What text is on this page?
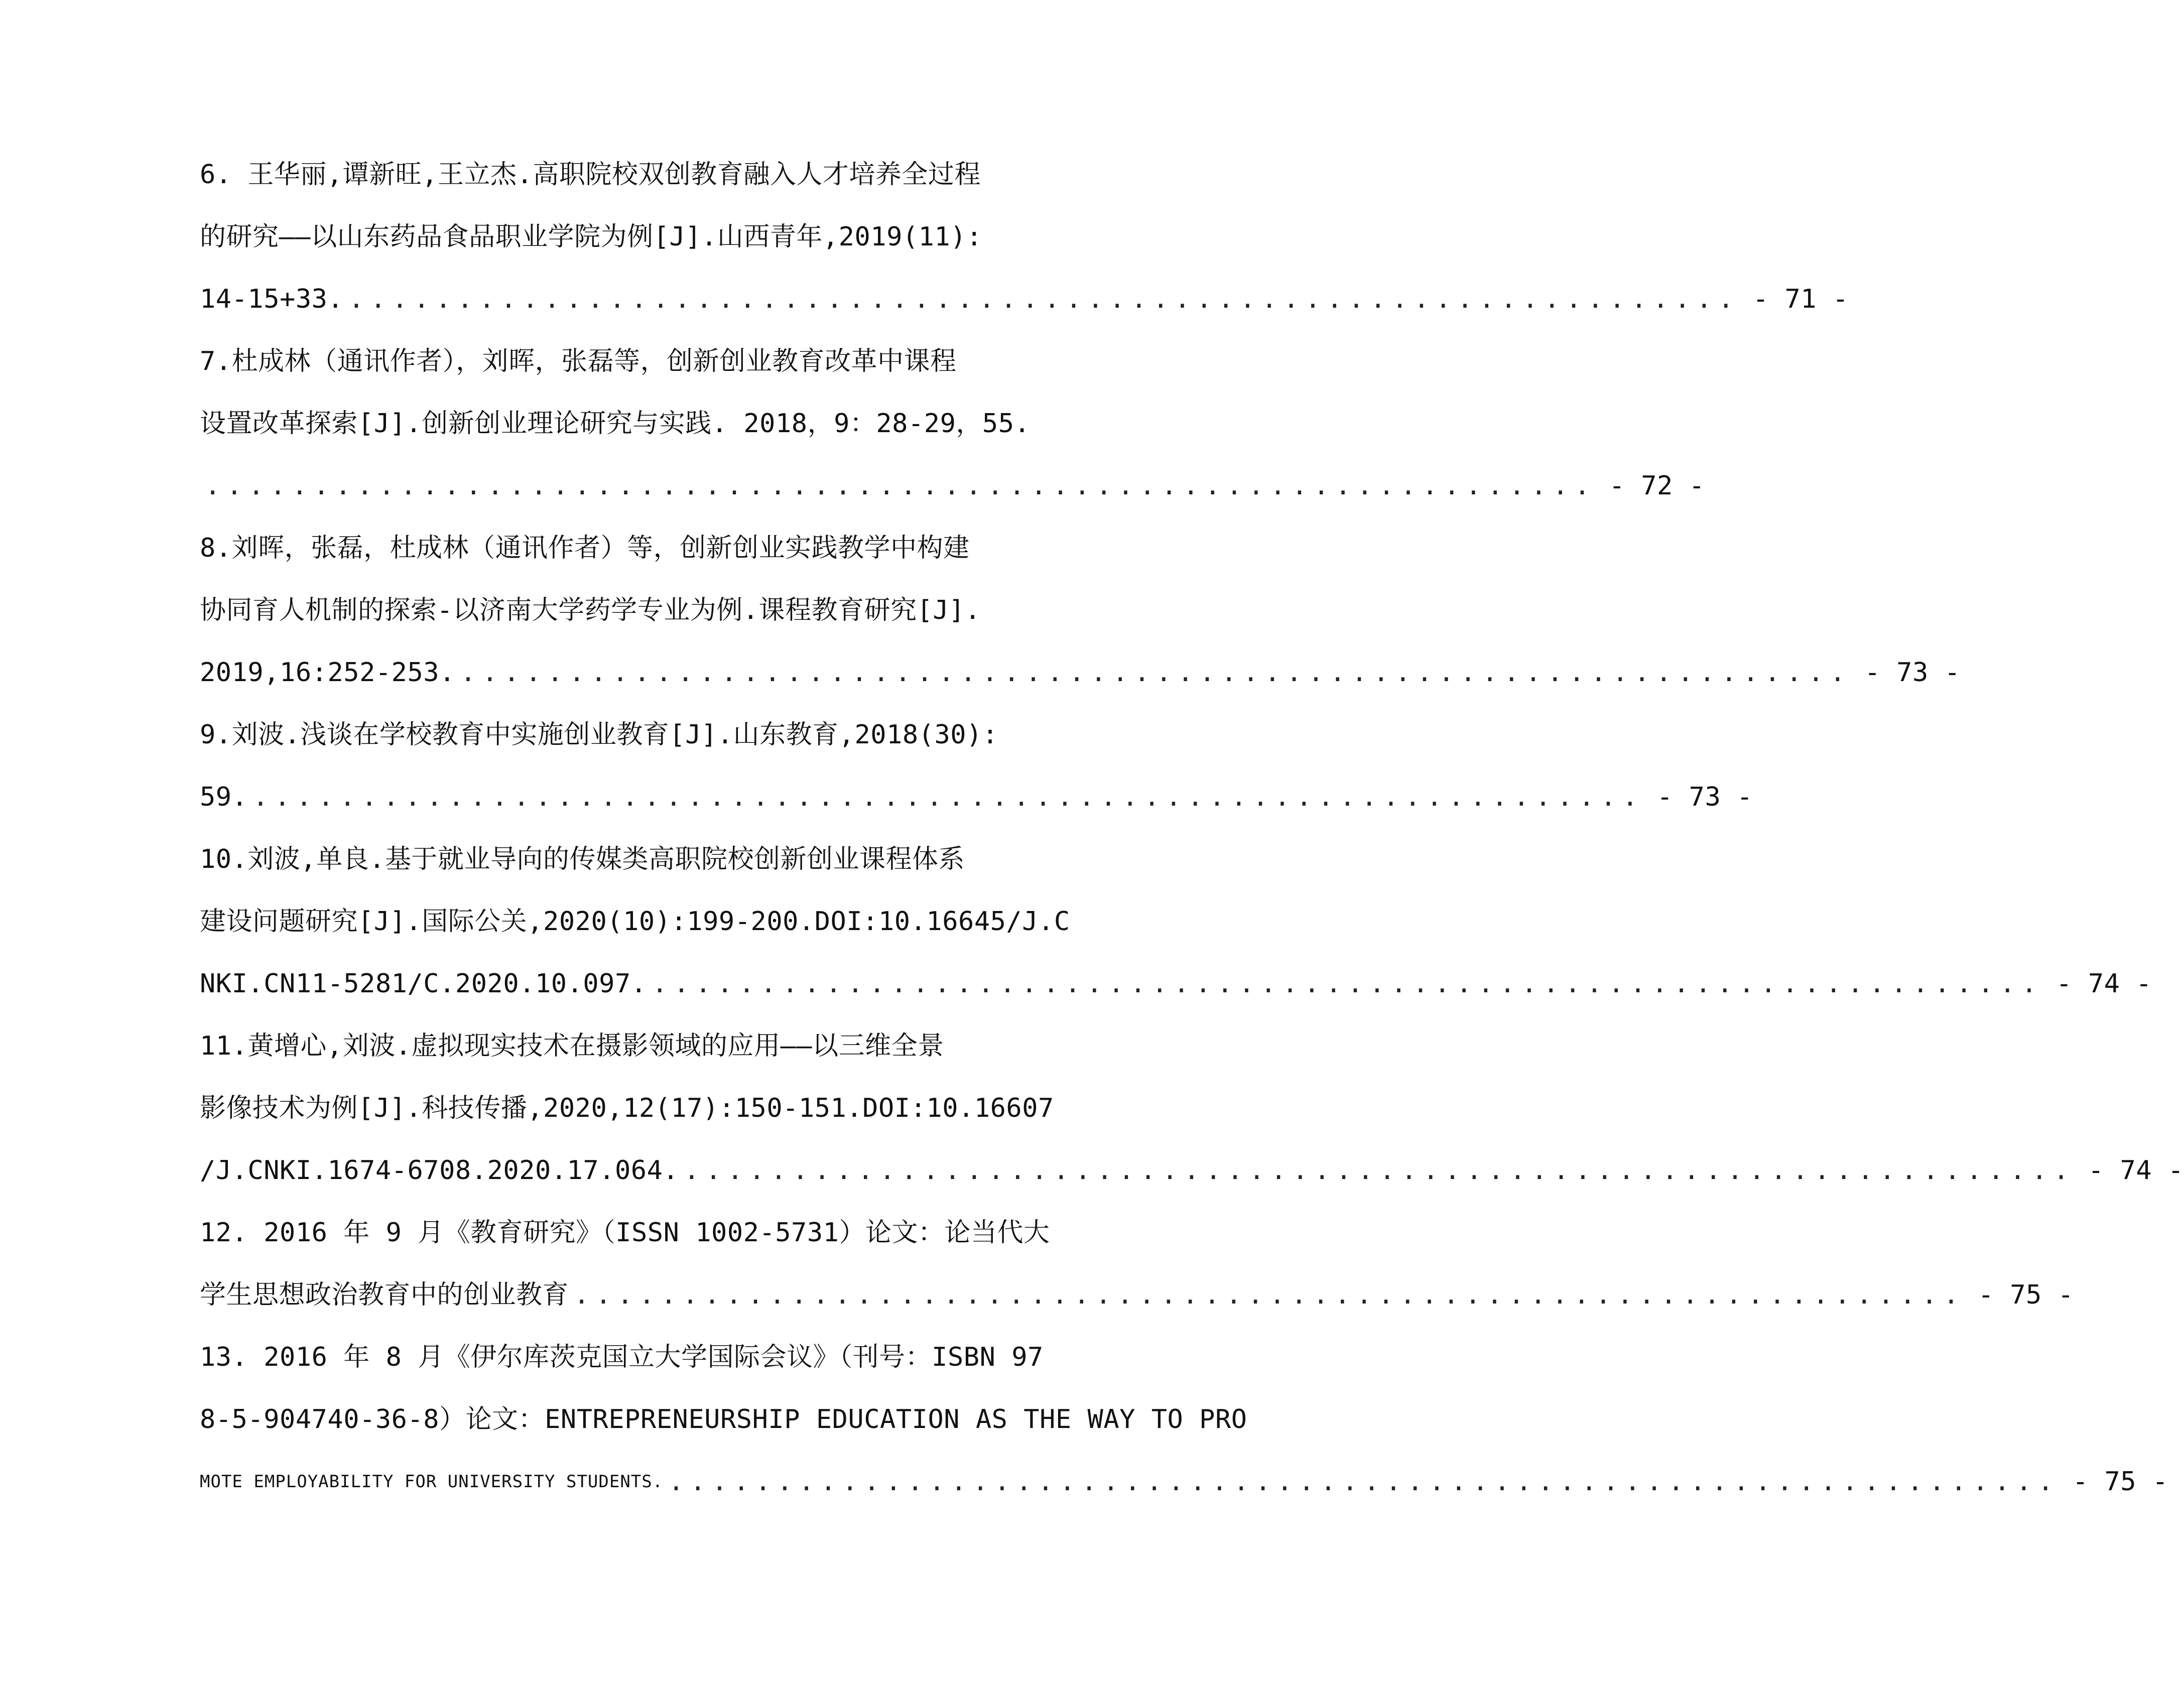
6. 王华丽,谭新旺,王立杰.高职院校双创教育融入人才培养全过程
的研究——以山东药品食品职业学院为例[J].山西青年,2019(11):
14-15+33. ................................................................ - 71 -
7.杜成林（通讯作者），刘晖，张磊等，创新创业教育改革中课程
设置改革探索[J].创新创业理论研究与实践. 2018，9：28-29，55.
................................................................ - 72 -
8.刘晖，张磊，杜成林（通讯作者）等，创新创业实践教学中构建
协同育人机制的探索-以济南大学药学专业为例.课程教育研究[J].
2019,16:252-253. ................................................................ - 73 -
9.刘波.浅谈在学校教育中实施创业教育[J].山东教育,2018(30):
59. ................................................................ - 73 -
10.刘波,单良.基于就业导向的传媒类高职院校创新创业课程体系
建设问题研究[J].国际公关,2020(10):199-200.DOI:10.16645/J.C
NKI.CN11-5281/C.2020.10.097. ................................................................ - 74 -
11.黄增心,刘波.虚拟现实技术在摄影领域的应用——以三维全景
影像技术为例[J].科技传播,2020,12(17):150-151.DOI:10.16607
/J.CNKI.1674-6708.2020.17.064. ................................................................ - 74 -
12. 2016 年 9 月《教育研究》（ISSN 1002-5731）论文：论当代大
学生思想政治教育中的创业教育 ................................................................ - 75 -
13. 2016 年 8 月《伊尔库茨克国立大学国际会议》（刊号：ISBN 97
8-5-904740-36-8）论文：ENTREPRENEURSHIP EDUCATION AS THE WAY TO PRO
MOTE EMPLOYABILITY FOR UNIVERSITY STUDENTS. ................................................................ - 75 -
